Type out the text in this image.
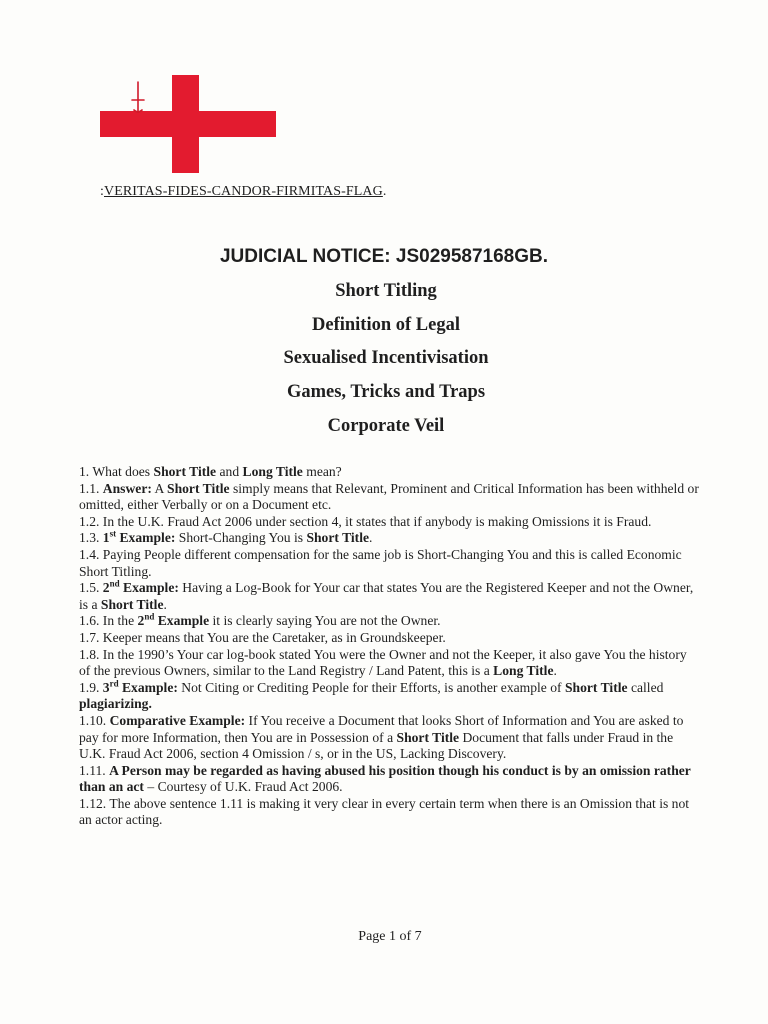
:VERITAS-FIDES-CANDOR-FIRMITAS-FLAG.
JUDICIAL NOTICE: JS029587168GB.
Short Titling
Definition of Legal
Sexualised Incentivisation
Games, Tricks and Traps
Corporate Veil

1. What does Short Title and Long Title mean?

1.1. Answer: A Short Title simply means that Relevant, Prominent and Critical Information has been withheld or omitted, either Verbally or on a Document etc.

1.2. In the U.K. Fraud Act 2006 under section 4, it states that if anybody is making Omissions it is Fraud.

1.3. 1st Example: Short-Changing You is Short Title.

1.4. Paying People different compensation for the same job is Short-Changing You and this is called Economic Short Titling.

1.5. 2nd Example: Having a Log-Book for Your car that states You are the Registered Keeper and not the Owner, is a Short Title.

1.6. In the 2nd Example it is clearly saying You are not the Owner.

1.7. Keeper means that You are the Caretaker, as in Groundskeeper.

1.8. In the 1990’s Your car log-book stated You were the Owner and not the Keeper, it also gave You the history of the previous Owners, similar to the Land Registry / Land Patent, this is a Long Title.

1.9. 3rd Example: Not Citing or Crediting People for their Efforts, is another example of Short Title called plagiarizing.

1.10. Comparative Example: If You receive a Document that looks Short of Information and You are asked to pay for more Information, then You are in Possession of a Short Title Document that falls under Fraud in the U.K. Fraud Act 2006, section 4 Omission / s, or in the US, Lacking Discovery.

1.11. A Person may be regarded as having abused his position though his conduct is by an omission rather than an act – Courtesy of U.K. Fraud Act 2006.

1.12. The above sentence 1.11 is making it very clear in every certain term when there is an Omission that is not an actor acting.

Page 1 of 7
